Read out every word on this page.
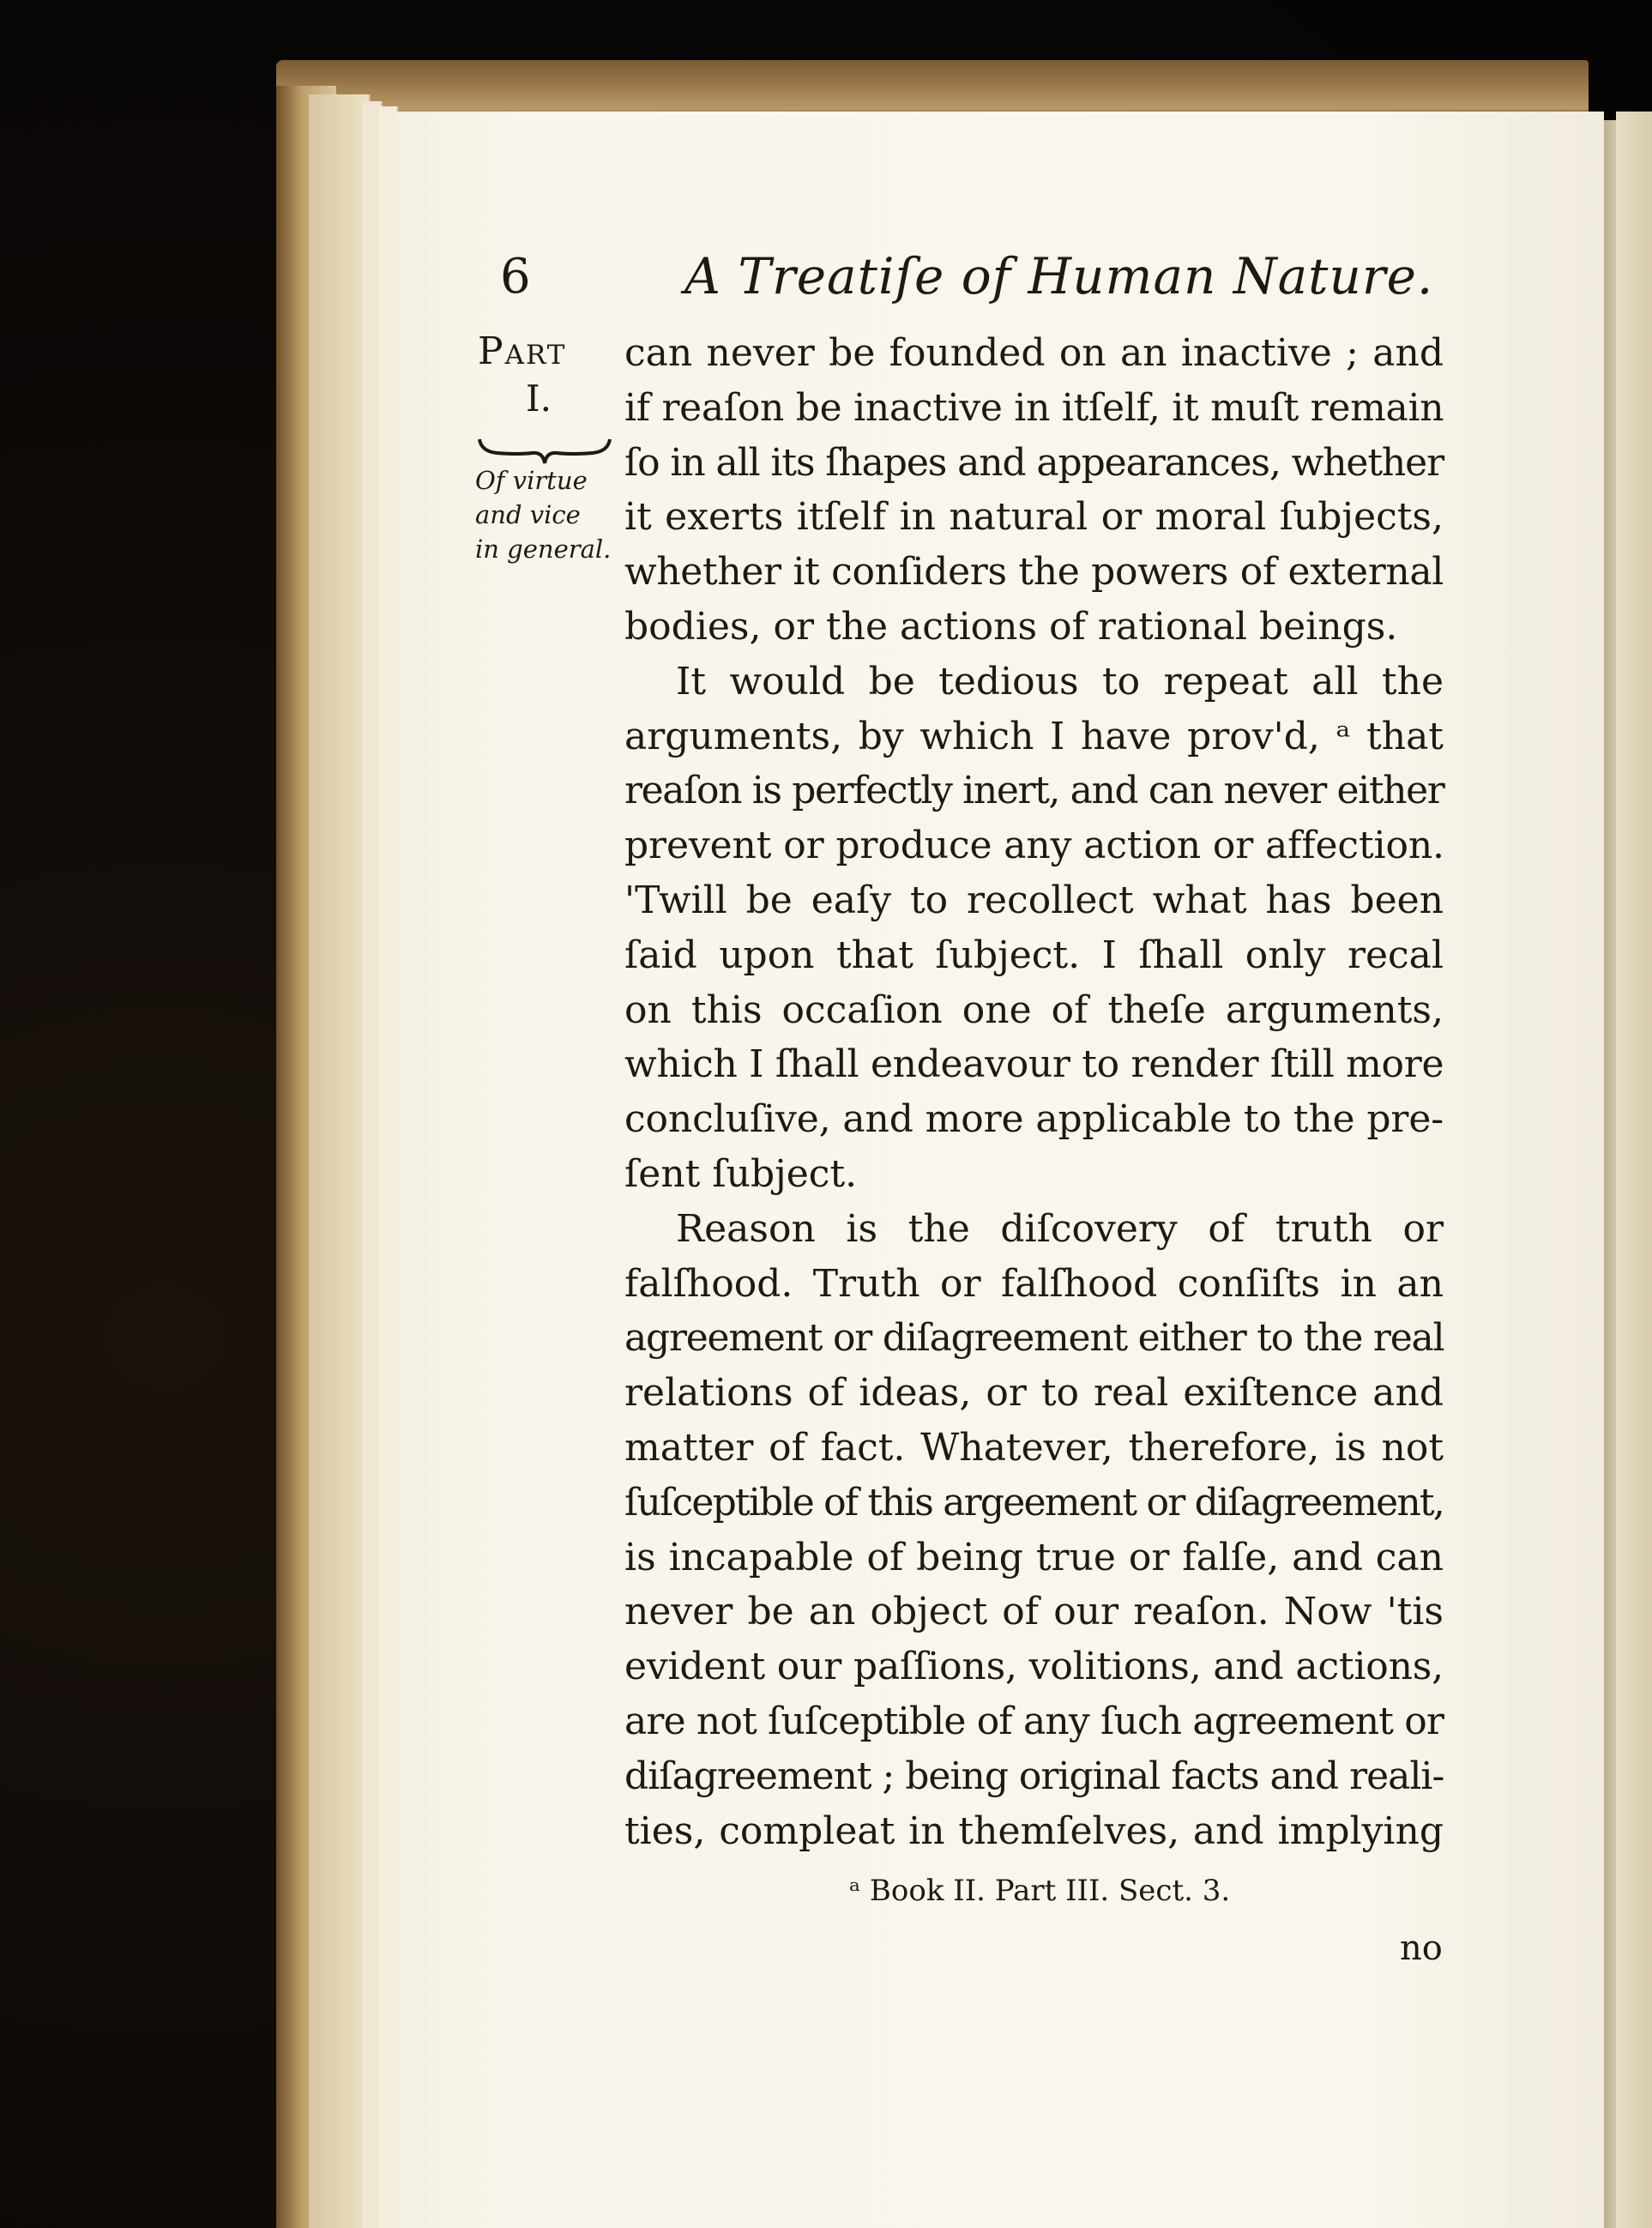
6	A Treatiſe of Human Nature.
Part
I.
Of virtue
and vice
in general.
can never be founded on an inactive ; and
if reaſon be inactive in itſelf, it muſt remain
ſo in all its ſhapes and appearances, whether
it exerts itſelf in natural or moral ſubjects,
whether it conſiders the powers of external
bodies, or the actions of rational beings.
It would be tedious to repeat all the
arguments, by which I have prov'd, ᵃ that
reaſon is perfectly inert, and can never either
prevent or produce any action or affection.
'Twill be eaſy to recollect what has been
ſaid upon that ſubject. I ſhall only recal
on this occaſion one of theſe arguments,
which I ſhall endeavour to render ſtill more
concluſive, and more applicable to the pre-
ſent ſubject.
Reason is the diſcovery of truth or
falſhood. Truth or falſhood conſiſts in an
agreement or diſagreement either to the real
relations of ideas, or to real exiſtence and
matter of fact. Whatever, therefore, is not
ſuſceptible of this argeement or diſagreement,
is incapable of being true or falſe, and can
never be an object of our reaſon. Now 'tis
evident our paſſions, volitions, and actions,
are not ſuſceptible of any ſuch agreement or
diſagreement ; being original facts and reali-
ties, compleat in themſelves, and implying
ᵃ Book II. Part III. Sect. 3.
no
